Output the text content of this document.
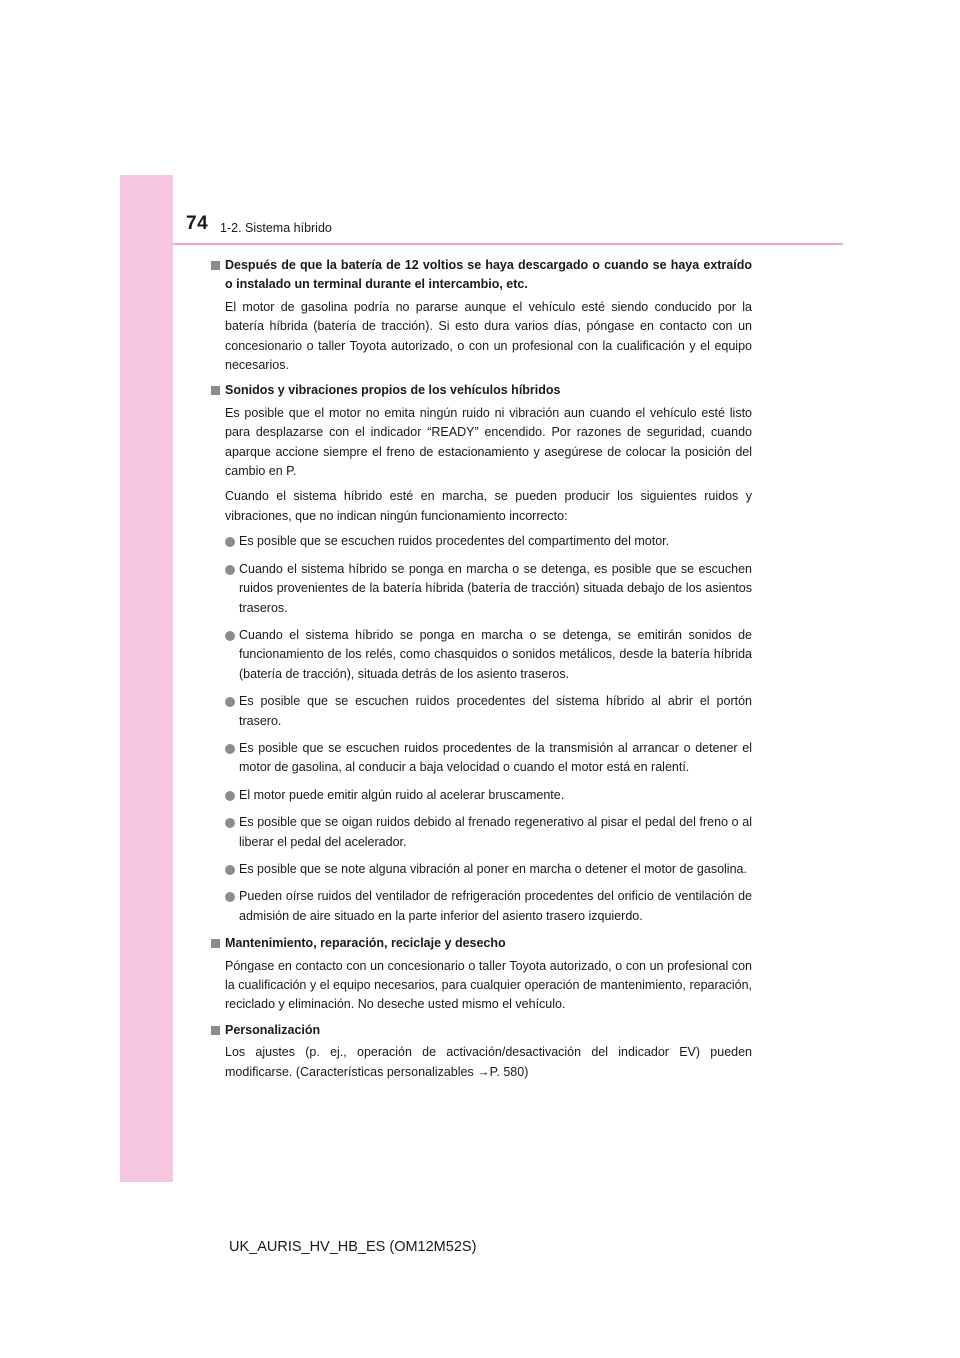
74 1-2. Sistema híbrido
Después de que la batería de 12 voltios se haya descargado o cuando se haya extraído o instalado un terminal durante el intercambio, etc.

El motor de gasolina podría no pararse aunque el vehículo esté siendo conducido por la batería híbrida (batería de tracción). Si esto dura varios días, póngase en contacto con un concesionario o taller Toyota autorizado, o con un profesional con la cualificación y el equipo necesarios.

Sonidos y vibraciones propios de los vehículos híbridos

Es posible que el motor no emita ningún ruido ni vibración aun cuando el vehículo esté listo para desplazarse con el indicador “READY” encendido. Por razones de seguridad, cuando aparque accione siempre el freno de estacionamiento y asegúrese de colocar la posición del cambio en P.

Cuando el sistema híbrido esté en marcha, se pueden producir los siguientes ruidos y vibraciones, que no indican ningún funcionamiento incorrecto:

Es posible que se escuchen ruidos procedentes del compartimento del motor.
Cuando el sistema híbrido se ponga en marcha o se detenga, es posible que se escuchen ruidos provenientes de la batería híbrida (batería de tracción) situada debajo de los asientos traseros.
Cuando el sistema híbrido se ponga en marcha o se detenga, se emitirán sonidos de funcionamiento de los relés, como chasquidos o sonidos metálicos, desde la batería híbrida (batería de tracción), situada detrás de los asiento traseros.
Es posible que se escuchen ruidos procedentes del sistema híbrido al abrir el portón trasero.
Es posible que se escuchen ruidos procedentes de la transmisión al arrancar o detener el motor de gasolina, al conducir a baja velocidad o cuando el motor está en ralentí.
El motor puede emitir algún ruido al acelerar bruscamente.
Es posible que se oigan ruidos debido al frenado regenerativo al pisar el pedal del freno o al liberar el pedal del acelerador.
Es posible que se note alguna vibración al poner en marcha o detener el motor de gasolina.
Pueden oírse ruidos del ventilador de refrigeración procedentes del orificio de ventilación de admisión de aire situado en la parte inferior del asiento trasero izquierdo.
Mantenimiento, reparación, reciclaje y desecho

Póngase en contacto con un concesionario o taller Toyota autorizado, o con un profesional con la cualificación y el equipo necesarios, para cualquier operación de mantenimiento, reparación, reciclado y eliminación. No deseche usted mismo el vehículo.

Personalización

Los ajustes (p. ej., operación de activación/desactivación del indicador EV) pueden modificarse. (Características personalizables →P. 580)

UK_AURIS_HV_HB_ES (OM12M52S)
